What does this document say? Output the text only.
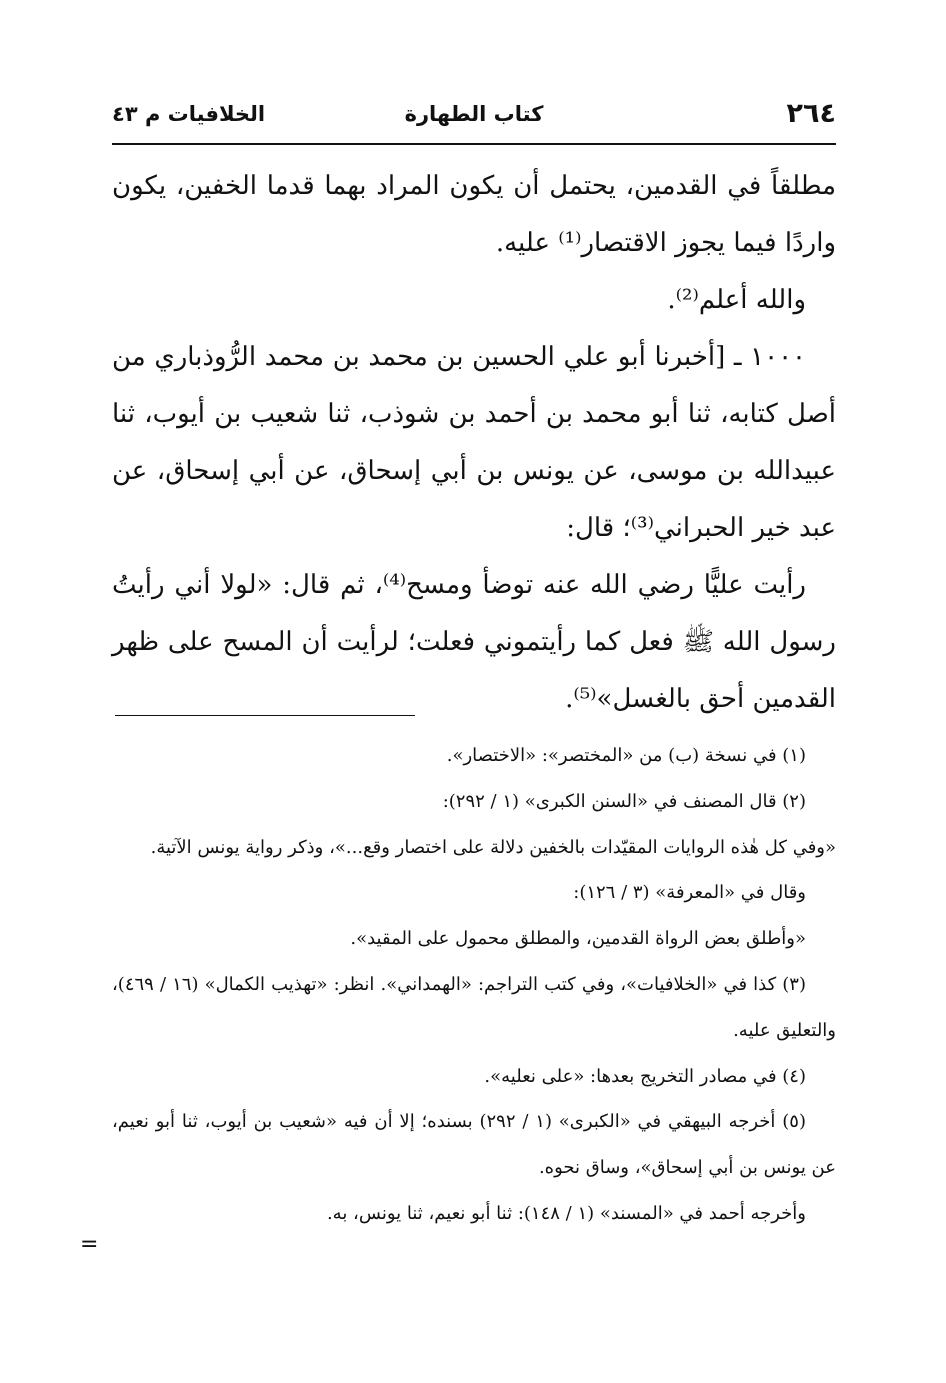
٢٦٤
كتاب الطهارة
الخلافيات م ٤٣

مطلقاً في القدمين، يحتمل أن يكون المراد بهما قدما الخفين، يكون واردًا فيما يجوز الاقتصار⁽¹⁾ عليه.

والله أعلم⁽²⁾.

١٠٠٠ ـ [أخبرنا أبو علي الحسين بن محمد بن محمد الرُّوذباري من أصل كتابه، ثنا أبو محمد بن أحمد بن شوذب، ثنا شعيب بن أيوب، ثنا عبيدالله بن موسى، عن يونس بن أبي إسحاق، عن أبي إسحاق، عن عبد خير الحبراني⁽³⁾؛ قال:

رأيت عليًّا رضي الله عنه توضأ ومسح⁽⁴⁾، ثم قال: «لولا أني رأيتُ رسول الله ﷺ فعل كما رأيتموني فعلت؛ لرأيت أن المسح على ظهر القدمين أحق بالغسل»⁽⁵⁾.

(١) في نسخة (ب) من «المختصر»: «الاختصار».

(٢) قال المصنف في «السنن الكبرى» (١ / ٢٩٢):

«وفي كل هٰذه الروايات المقيّدات بالخفين دلالة على اختصار وقع...»، وذكر رواية يونس الآتية.

وقال في «المعرفة» (٣ / ١٢٦):

«وأطلق بعض الرواة القدمين، والمطلق محمول على المقيد».

(٣) كذا في «الخلافيات»، وفي كتب التراجم: «الهمداني». انظر: «تهذيب الكمال» (١٦ / ٤٦٩)، والتعليق عليه.

(٤) في مصادر التخريج بعدها: «على نعليه».

(٥) أخرجه البيهقي في «الكبرى» (١ / ٢٩٢) بسنده؛ إلا أن فيه «شعيب بن أيوب، ثنا أبو نعيم، عن يونس بن أبي إسحاق»، وساق نحوه.

وأخرجه أحمد في «المسند» (١ / ١٤٨): ثنا أبو نعيم، ثنا يونس، به.

=
